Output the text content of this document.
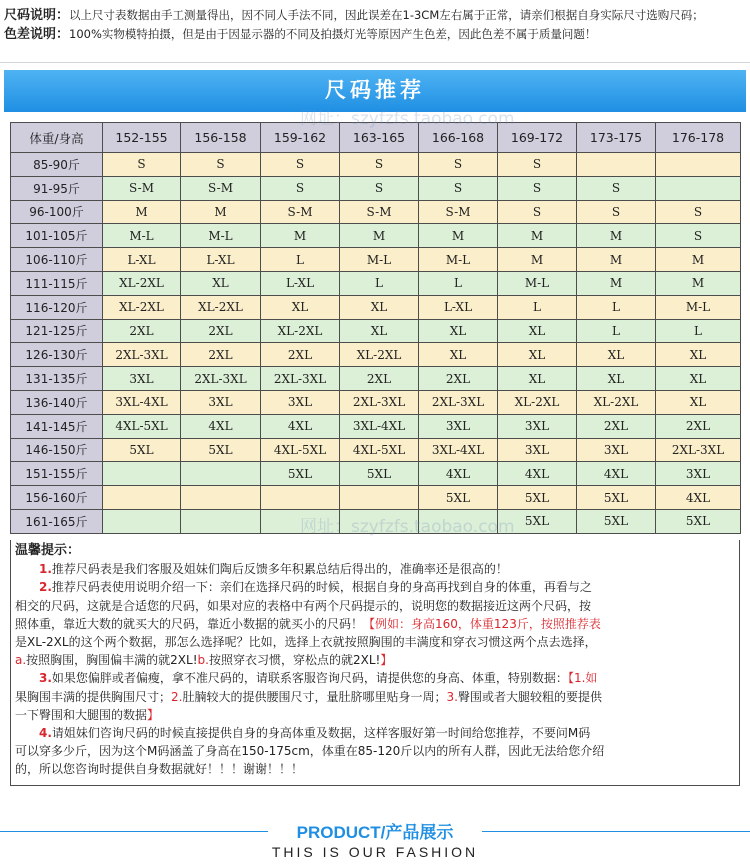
尺码说明：以上尺寸表数据由手工测量得出，因不同人手法不同，因此误差在1-3CM左右属于正常，请亲们根据自身实际尺寸选购尺码；
色差说明：100%实物模特拍摄，但是由于因显示器的不同及拍摄灯光等原因产生色差，因此色差不属于质量问题！
尺码推荐
体重/身高	152-155	156-158	159-162	163-165	166-168	169-172	173-175	176-178
85-90斤	S	S	S	S	S	S		
91-95斤	S-M	S-M	S	S	S	S	S	
96-100斤	M	M	S-M	S-M	S-M	S	S	S
101-105斤	M-L	M-L	M	M	M	M	M	S
106-110斤	L-XL	L-XL	L	M-L	M-L	M	M	M
111-115斤	XL-2XL	XL	L-XL	L	L	M-L	M	M
116-120斤	XL-2XL	XL-2XL	XL	XL	L-XL	L	L	M-L
121-125斤	2XL	2XL	XL-2XL	XL	XL	XL	L	L
126-130斤	2XL-3XL	2XL	2XL	XL-2XL	XL	XL	XL	XL
131-135斤	3XL	2XL-3XL	2XL-3XL	2XL	2XL	XL	XL	XL
136-140斤	3XL-4XL	3XL	3XL	2XL-3XL	2XL-3XL	XL-2XL	XL-2XL	XL
141-145斤	4XL-5XL	4XL	4XL	3XL-4XL	3XL	3XL	2XL	2XL
146-150斤	5XL	5XL	4XL-5XL	4XL-5XL	3XL-4XL	3XL	3XL	2XL-3XL
151-155斤			5XL	5XL	4XL	4XL	4XL	3XL
156-160斤					5XL	5XL	5XL	4XL
161-165斤						5XL	5XL	5XL
温馨提示：
1.推荐尺码表是我们客服及姐妹们陶后反馈多年积累总结后得出的，准确率还是很高的！
2.推荐尺码表使用说明介绍一下：亲们在选择尺码的时候，根据自身的身高再找到自身的体重，再看与之
相交的尺码，这就是合适您的尺码，如果对应的表格中有两个尺码提示的，说明您的数据接近这两个尺码，按
照体重，靠近大数的就买大的尺码，靠近小数据的就买小的尺码！【例如：身高160，体重123斤，按照推荐表
是XL-2XL的这个两个数据，那怎么选择呢？比如，选择上衣就按照胸围的丰满度和穿衣习惯这两个点去选择，
a.按照胸围，胸围偏丰满的就2XL!b.按照穿衣习惯，穿松点的就2XL!】
3.如果您偏胖或者偏瘦，拿不准尺码的，请联系客服咨询尺码，请提供您的身高、体重，特别数据：【1.如
果胸围丰满的提供胸围尺寸；2.肚腩较大的提供腰围尺寸，量肚脐哪里贴身一周；3.臀围或者大腿较粗的要提供
一下臀围和大腿围的数据】
4.请姐妹们咨询尺码的时候直接提供自身的身高体重及数据，这样客服好第一时间给您推荐，不要问M码
可以穿多少斤，因为这个M码涵盖了身高在150-175cm，体重在85-120斤以内的所有人群，因此无法给您介绍
的，所以您咨询时提供自身数据就好！！！谢谢！！！
网址：szyfzfs.taobao.com
网址：szyfzfs.taobao.com
PRODUCT/产品展示
THIS IS OUR FASHION
